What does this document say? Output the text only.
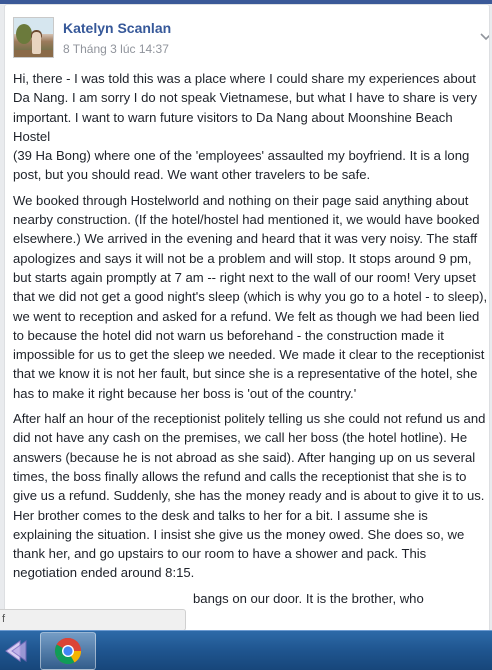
Katelyn Scanlan
8 Tháng 3 lúc 14:37

Hi, there - I was told this was a place where I could share my experiences about Da Nang. I am sorry I do not speak Vietnamese, but what I have to share is very important. I want to warn future visitors to Da Nang about Moonshine Beach Hostel
(39 Ha Bong) where one of the 'employees' assaulted my boyfriend. It is a long post, but you should read. We want other travelers to be safe.

We booked through Hostelworld and nothing on their page said anything about nearby construction. (If the hotel/hostel had mentioned it, we would have booked elsewhere.) We arrived in the evening and heard that it was very noisy. The staff apologizes and says it will not be a problem and will stop. It stops around 9 pm, but starts again promptly at 7 am -- right next to the wall of our room! Very upset that we did not get a good night's sleep (which is why you go to a hotel - to sleep), we went to reception and asked for a refund. We felt as though we had been lied to because the hotel did not warn us beforehand - the construction made it impossible for us to get the sleep we needed. We made it clear to the receptionist that we know it is not her fault, but since she is a representative of the hotel, she has to make it right because her boss is 'out of the country.'

After half an hour of the receptionist politely telling us she could not refund us and did not have any cash on the premises, we call her boss (the hotel hotline). He answers (because he is not abroad as she said). After hanging up on us several times, the boss finally allows the refund and calls the receptionist that she is to give us a refund. Suddenly, she has the money ready and is about to give it to us. Her brother comes to the desk and talks to her for a bit. I assume she is explaining the situation. I insist she give us the money owed. She does so, we thank her, and go upstairs to our room to have a shower and pack. This negotiation ended around 8:15.

bangs on our door. It is the brother, who

f
